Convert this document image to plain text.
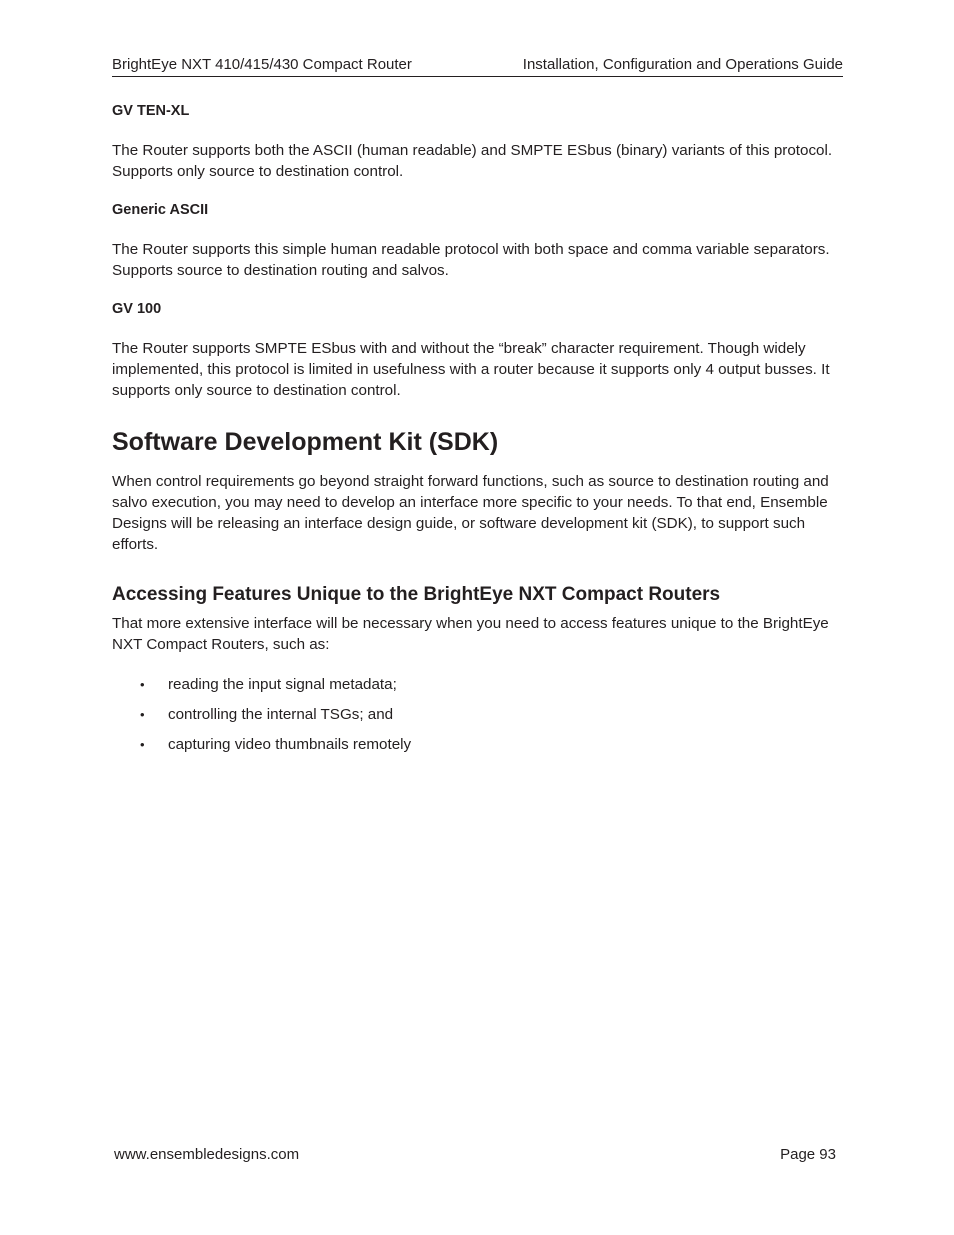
BrightEye NXT 410/415/430 Compact Router	Installation, Configuration and Operations Guide
GV TEN-XL

The Router supports both the ASCII (human readable) and SMPTE ESbus (binary) variants of this protocol. Supports only source to destination control.

Generic ASCII

The Router supports this simple human readable protocol with both space and comma variable separators. Supports source to destination routing and salvos.

GV 100

The Router supports SMPTE ESbus with and without the “break” character requirement. Though widely implemented, this protocol is limited in usefulness with a router because it supports only 4 output busses. It supports only source to destination control.

Software Development Kit (SDK)

When control requirements go beyond straight forward functions, such as source to destination routing and salvo execution, you may need to develop an interface more specific to your needs. To that end, Ensemble Designs will be releasing an interface design guide, or software development kit (SDK), to support such efforts.

Accessing Features Unique to the BrightEye NXT Compact Routers

That more extensive interface will be necessary when you need to access features unique to the BrightEye NXT Compact Routers, such as:

• reading the input signal metadata;
• controlling the internal TSGs; and
• capturing video thumbnails remotely
www.ensembledesigns.com	Page 93
